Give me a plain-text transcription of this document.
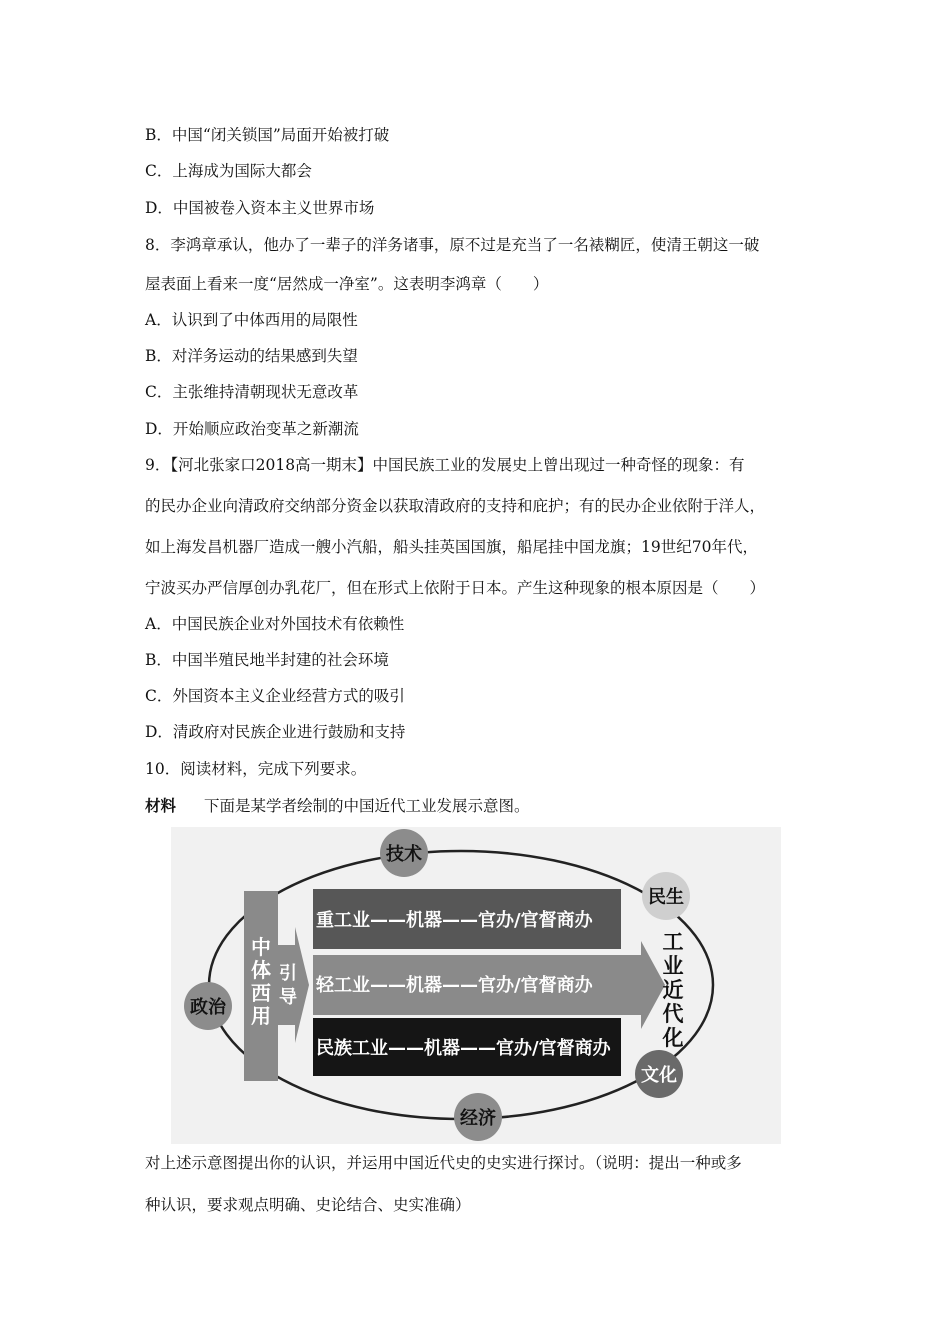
B．中国“闭关锁国”局面开始被打破
C．上海成为国际大都会
D．中国被卷入资本主义世界市场
8．李鸿章承认，他办了一辈子的洋务诸事，原不过是充当了一名裱糊匠，使清王朝这一破
屋表面上看来一度“居然成一净室”。这表明李鸿章（　　）
A．认识到了中体西用的局限性
B．对洋务运动的结果感到失望
C．主张维持清朝现状无意改革
D．开始顺应政治变革之新潮流
9．【河北张家口2018高一期末】中国民族工业的发展史上曾出现过一种奇怪的现象：有
的民办企业向清政府交纳部分资金以获取清政府的支持和庇护；有的民办企业依附于洋人，
如上海发昌机器厂造成一艘小汽船，船头挂英国国旗，船尾挂中国龙旗；19世纪70年代，
宁波买办严信厚创办乳花厂，但在形式上依附于日本。产生这种现象的根本原因是（　　）
A．中国民族企业对外国技术有依赖性
B．中国半殖民地半封建的社会环境
C．外国资本主义企业经营方式的吸引
D．清政府对民族企业进行鼓励和支持
10．阅读材料，完成下列要求。
材料 下面是某学者绘制的中国近代工业发展示意图。
中
体
西
用
引
导
重工业——机器——官办/官督商办
轻工业——机器——官办/官督商办
民族工业——机器——官办/官督商办
工
业
近
代
化
技术
民生
政治
文化
经济
对上述示意图提出你的认识，并运用中国近代史的史实进行探讨。（说明：提出一种或多
种认识，要求观点明确、史论结合、史实准确）
